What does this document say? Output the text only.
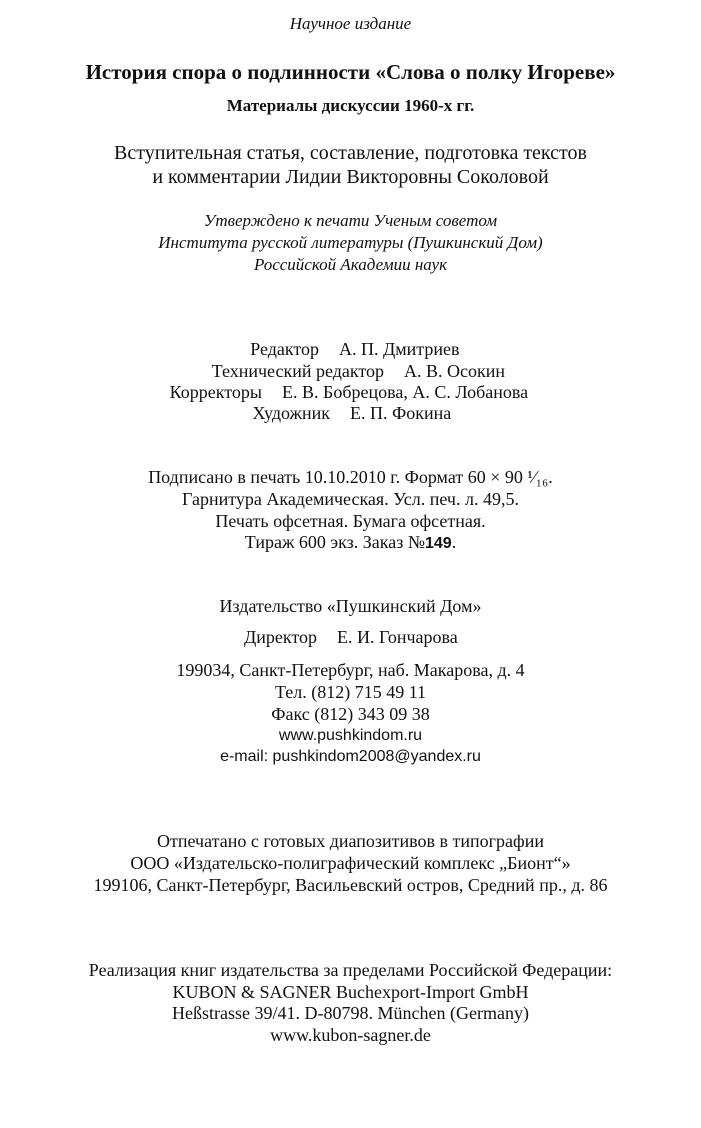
Научное издание
История спора о подлинности «Слова о полку Игореве»
Материалы дискуссии 1960-х гг.
Вступительная статья, составление, подготовка текстов
и комментарии Лидии Викторовны Соколовой
Утверждено к печати Ученым советом
Института русской литературы (Пушкинский Дом)
Российской Академии наук
Редактор А. П. Дмитриев
Технический редактор А. В. Осокин
Корректоры Е. В. Бобрецова, А. С. Лобанова
Художник Е. П. Фокина
Подписано в печать 10.10.2010 г. Формат 60 × 90 ¹⁄₁₆.
Гарнитура Академическая. Усл. печ. л. 49,5.
Печать офсетная. Бумага офсетная.
Тираж 600 экз. Заказ №149.
Издательство «Пушкинский Дом»
Директор Е. И. Гончарова
199034, Санкт-Петербург, наб. Макарова, д. 4
Тел. (812) 715 49 11
Факс (812) 343 09 38
www.pushkindom.ru
e-mail: pushkindom2008@yandex.ru
Отпечатано с готовых диапозитивов в типографии
ООО «Издательско-полиграфический комплекс „Бионт“»
199106, Санкт-Петербург, Васильевский остров, Средний пр., д. 86
Реализация книг издательства за пределами Российской Федерации:
KUBON & SAGNER Buchexport-Import GmbH
Heßstrasse 39/41. D-80798. München (Germany)
www.kubon-sagner.de
